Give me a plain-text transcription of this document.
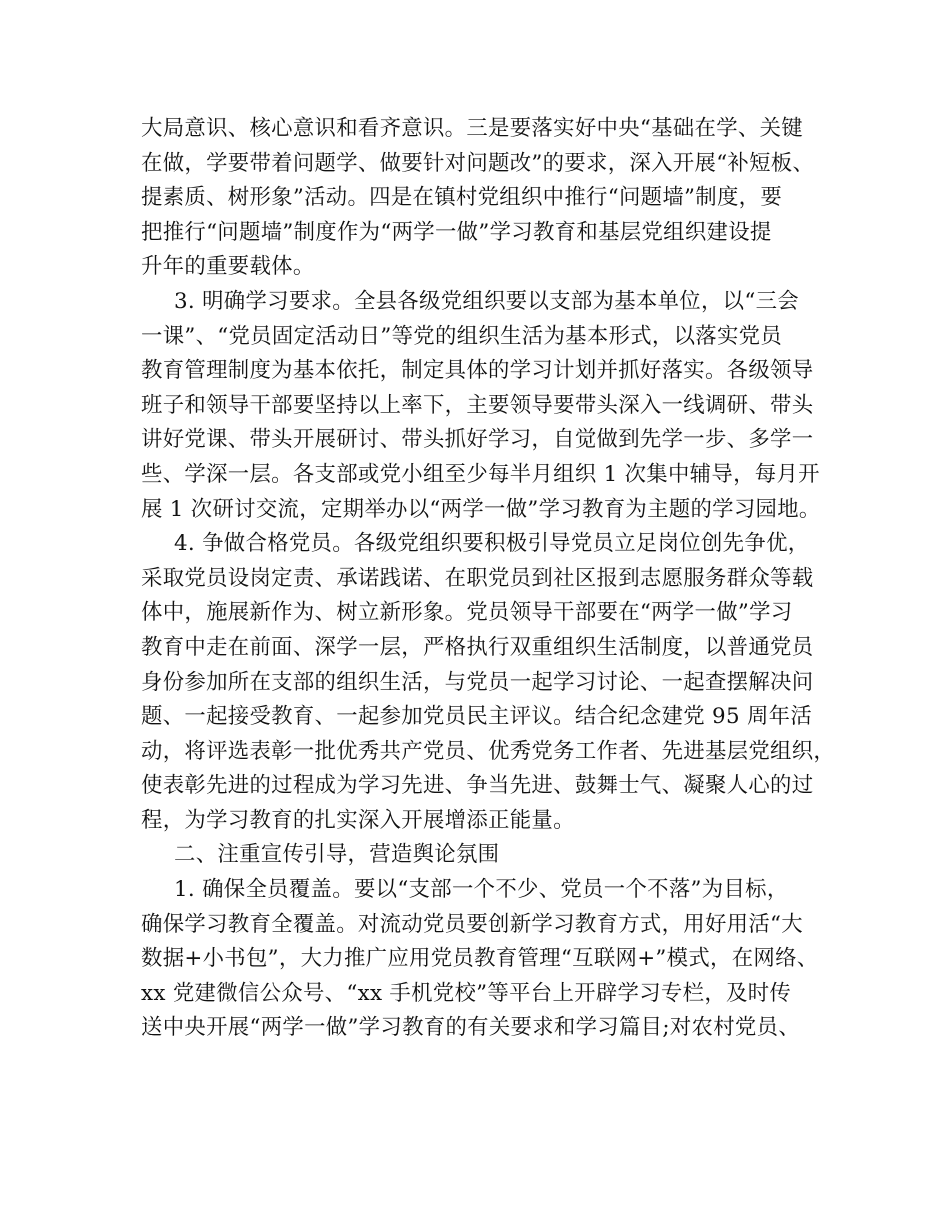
大局意识、核心意识和看齐意识。三是要落实好中央“基础在学、关键
在做，学要带着问题学、做要针对问题改”的要求，深入开展“补短板、
提素质、树形象”活动。四是在镇村党组织中推行“问题墙”制度，要
把推行“问题墙”制度作为“两学一做”学习教育和基层党组织建设提
升年的重要载体。
3. 明确学习要求。全县各级党组织要以支部为基本单位，以“三会
一课”、“党员固定活动日”等党的组织生活为基本形式，以落实党员
教育管理制度为基本依托，制定具体的学习计划并抓好落实。各级领导
班子和领导干部要坚持以上率下，主要领导要带头深入一线调研、带头
讲好党课、带头开展研讨、带头抓好学习，自觉做到先学一步、多学一
些、学深一层。各支部或党小组至少每半月组织 1 次集中辅导，每月开
展 1 次研讨交流，定期举办以“两学一做”学习教育为主题的学习园地。
4. 争做合格党员。各级党组织要积极引导党员立足岗位创先争优，
采取党员设岗定责、承诺践诺、在职党员到社区报到志愿服务群众等载
体中，施展新作为、树立新形象。党员领导干部要在“两学一做”学习
教育中走在前面、深学一层，严格执行双重组织生活制度，以普通党员
身份参加所在支部的组织生活，与党员一起学习讨论、一起查摆解决问
题、一起接受教育、一起参加党员民主评议。结合纪念建党 95 周年活
动，将评选表彰一批优秀共产党员、优秀党务工作者、先进基层党组织，
使表彰先进的过程成为学习先进、争当先进、鼓舞士气、凝聚人心的过
程，为学习教育的扎实深入开展增添正能量。
二、注重宣传引导，营造舆论氛围
1. 确保全员覆盖。要以“支部一个不少、党员一个不落”为目标，
确保学习教育全覆盖。对流动党员要创新学习教育方式，用好用活“大
数据+小书包”，大力推广应用党员教育管理“互联网+”模式，在网络、
xx 党建微信公众号、“xx 手机党校”等平台上开辟学习专栏，及时传
送中央开展“两学一做”学习教育的有关要求和学习篇目;对农村党员、
